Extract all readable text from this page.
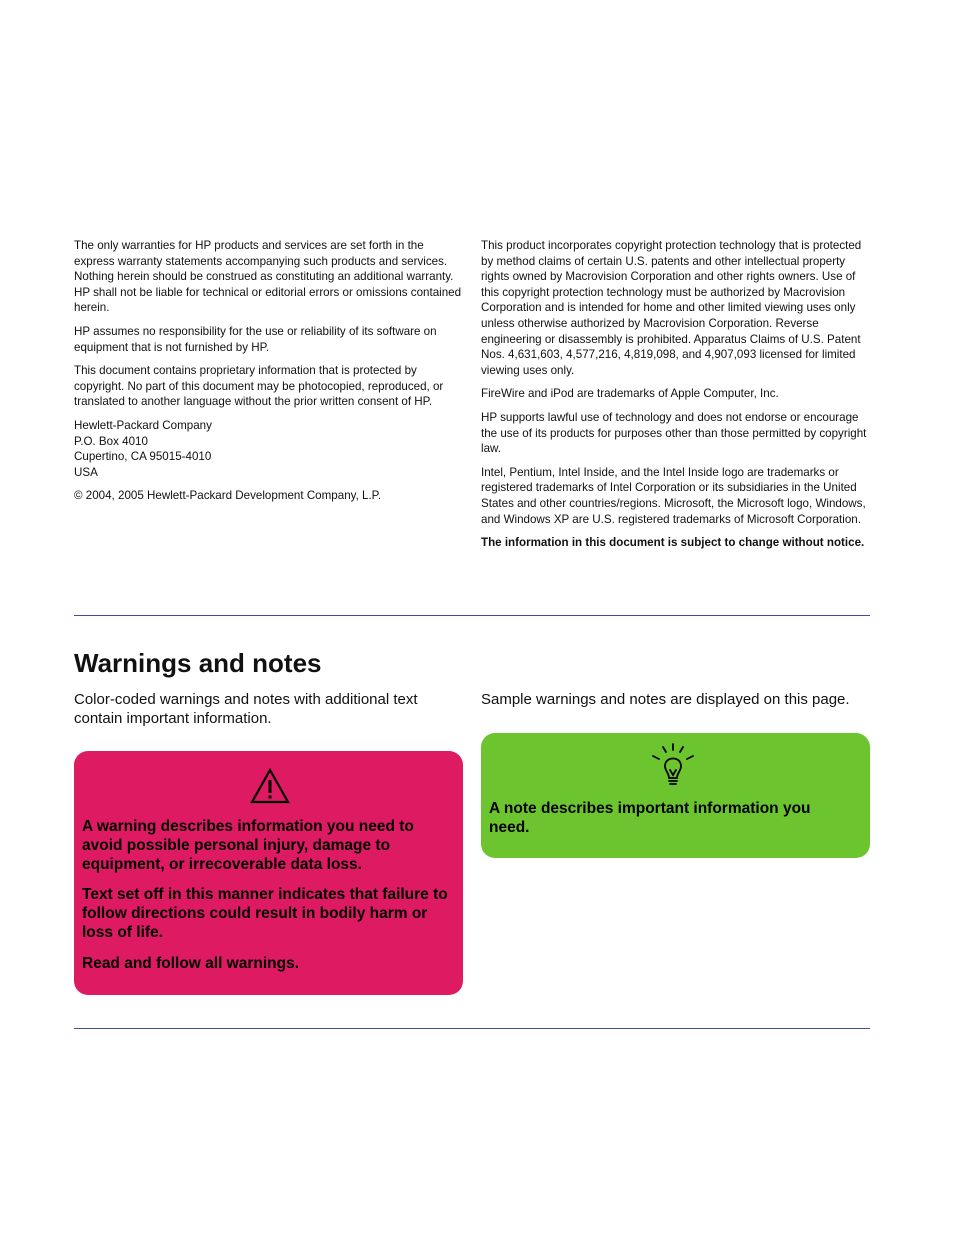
The only warranties for HP products and services are set forth in the express warranty statements accompanying such products and services. Nothing herein should be construed as constituting an additional warranty. HP shall not be liable for technical or editorial errors or omissions contained herein.

HP assumes no responsibility for the use or reliability of its software on equipment that is not furnished by HP.

This document contains proprietary information that is protected by copyright. No part of this document may be photocopied, reproduced, or translated to another language without the prior written consent of HP.

Hewlett-Packard Company
P.O. Box 4010
Cupertino, CA 95015-4010
USA

© 2004, 2005 Hewlett-Packard Development Company, L.P.

This product incorporates copyright protection technology that is protected by method claims of certain U.S. patents and other intellectual property rights owned by Macrovision Corporation and other rights owners. Use of this copyright protection technology must be authorized by Macrovision Corporation and is intended for home and other limited viewing uses only unless otherwise authorized by Macrovision Corporation. Reverse engineering or disassembly is prohibited. Apparatus Claims of U.S. Patent Nos. 4,631,603, 4,577,216, 4,819,098, and 4,907,093 licensed for limited viewing uses only.

FireWire and iPod are trademarks of Apple Computer, Inc.

HP supports lawful use of technology and does not endorse or encourage the use of its products for purposes other than those permitted by copyright law.

Intel, Pentium, Intel Inside, and the Intel Inside logo are trademarks or registered trademarks of Intel Corporation or its subsidiaries in the United States and other countries/regions. Microsoft, the Microsoft logo, Windows, and Windows XP are U.S. registered trademarks of Microsoft Corporation.

The information in this document is subject to change without notice.

Warnings and notes
Color-coded warnings and notes with additional text contain important information.
Sample warnings and notes are displayed on this page.

A warning describes information you need to avoid possible personal injury, damage to equipment, or irrecoverable data loss.

Text set off in this manner indicates that failure to follow directions could result in bodily harm or loss of life.

Read and follow all warnings.

A note describes important information you need.
